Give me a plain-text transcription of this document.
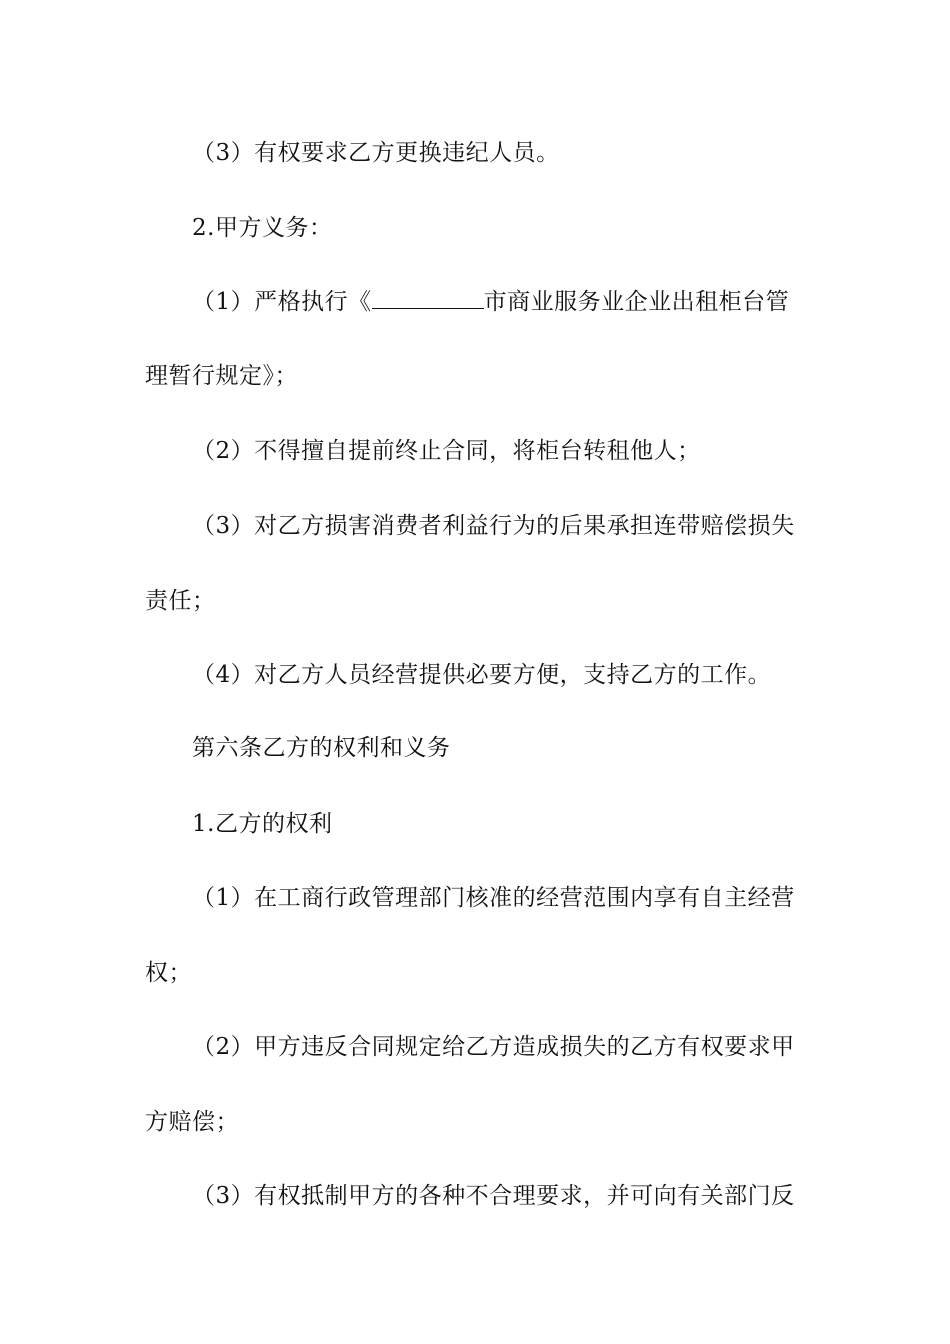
（3）有权要求乙方更换违纪人员。
2.甲方义务：
（1）严格执行《	市商业服务业企业出租柜台管
理暂行规定》；
（2）不得擅自提前终止合同，将柜台转租他人；
（3）对乙方损害消费者利益行为的后果承担连带赔偿损失
责任；
（4）对乙方人员经营提供必要方便，支持乙方的工作。
第六条乙方的权利和义务
1.乙方的权利
（1）在工商行政管理部门核准的经营范围内享有自主经营
权；
（2）甲方违反合同规定给乙方造成损失的乙方有权要求甲
方赔偿；
（3）有权抵制甲方的各种不合理要求，并可向有关部门反
